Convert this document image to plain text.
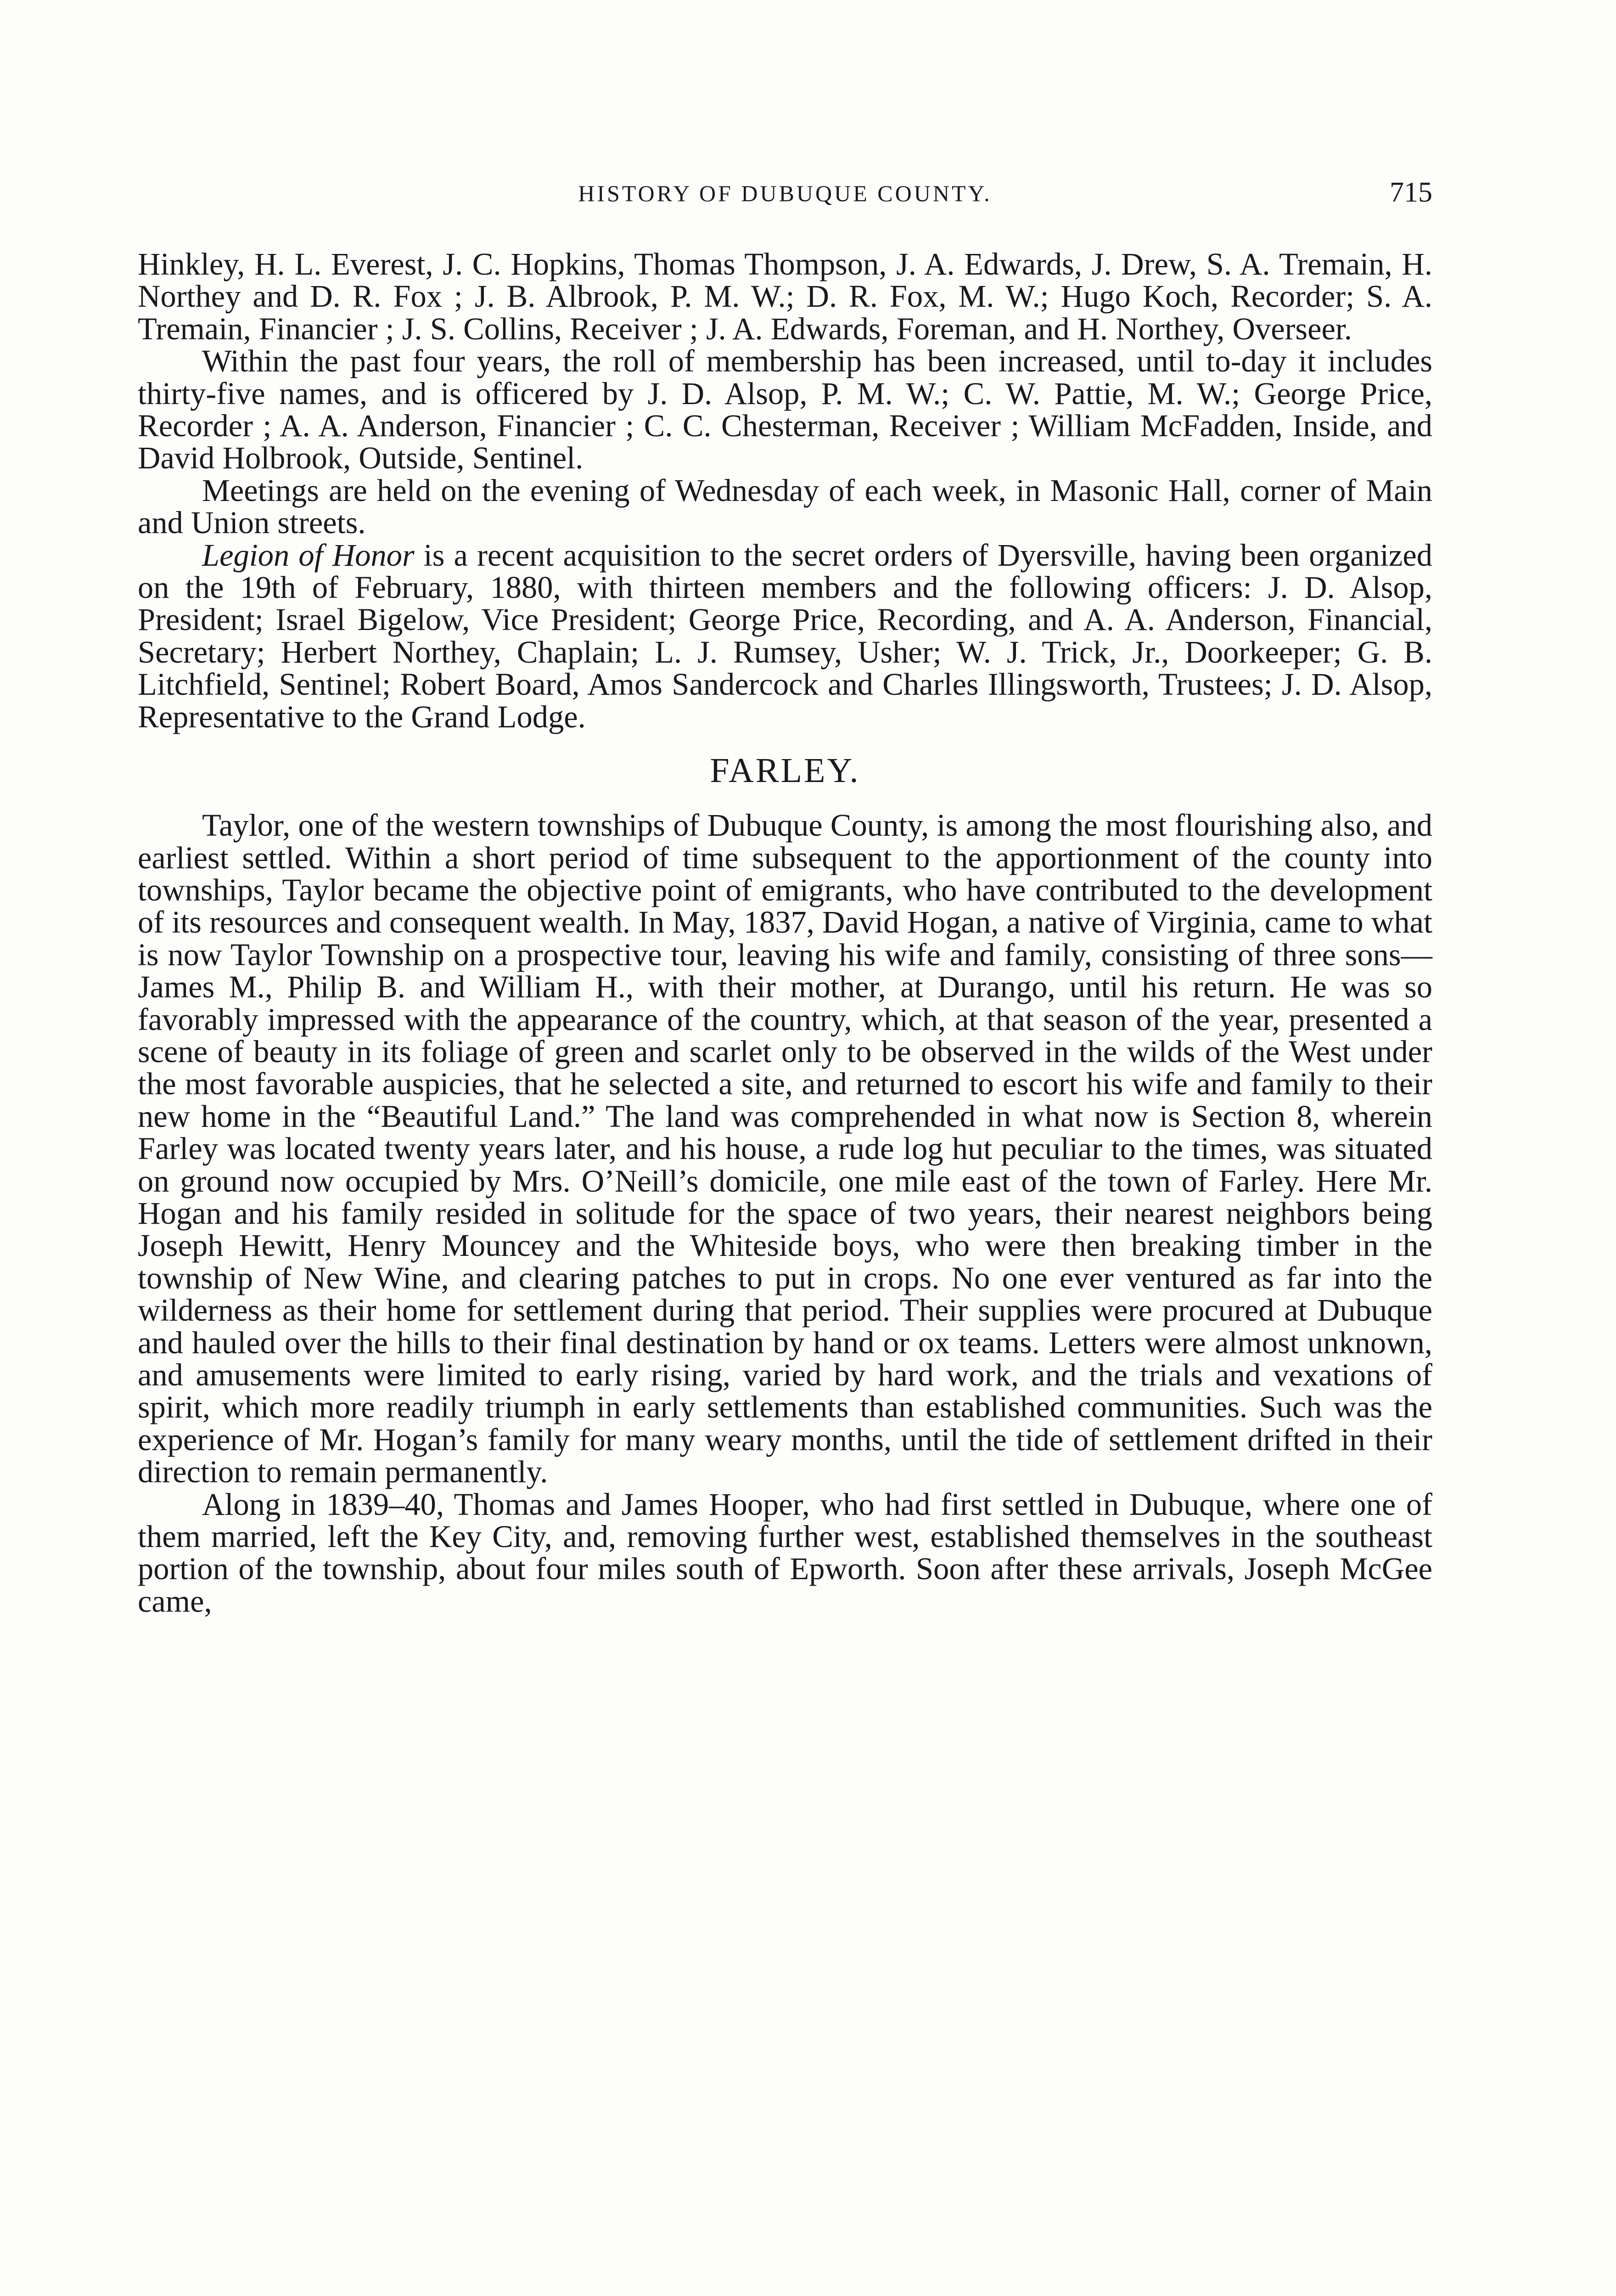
HISTORY OF DUBUQUE COUNTY.	715

Hinkley, H. L. Everest, J. C. Hopkins, Thomas Thompson, J. A. Edwards, J. Drew, S. A. Tremain, H. Northey and D. R. Fox ; J. B. Albrook, P. M. W.; D. R. Fox, M. W.; Hugo Koch, Recorder; S. A. Tremain, Financier ; J. S. Collins, Receiver ; J. A. Edwards, Foreman, and H. Northey, Overseer.

Within the past four years, the roll of membership has been increased, until to-day it includes thirty-five names, and is officered by J. D. Alsop, P. M. W.; C. W. Pattie, M. W.; George Price, Recorder ; A. A. Anderson, Financier ; C. C. Chesterman, Receiver ; William McFadden, Inside, and David Holbrook, Outside, Sentinel.

Meetings are held on the evening of Wednesday of each week, in Masonic Hall, corner of Main and Union streets.

Legion of Honor is a recent acquisition to the secret orders of Dyersville, having been organized on the 19th of February, 1880, with thirteen members and the following officers: J. D. Alsop, President; Israel Bigelow, Vice President; George Price, Recording, and A. A. Anderson, Financial, Secretary; Herbert Northey, Chaplain; L. J. Rumsey, Usher; W. J. Trick, Jr., Doorkeeper; G. B. Litchfield, Sentinel; Robert Board, Amos Sandercock and Charles Illingsworth, Trustees; J. D. Alsop, Representative to the Grand Lodge.

FARLEY.

Taylor, one of the western townships of Dubuque County, is among the most flourishing also, and earliest settled. Within a short period of time subsequent to the apportionment of the county into townships, Taylor became the objective point of emigrants, who have contributed to the development of its resources and consequent wealth. In May, 1837, David Hogan, a native of Virginia, came to what is now Taylor Township on a prospective tour, leaving his wife and family, consisting of three sons—James M., Philip B. and William H., with their mother, at Durango, until his return. He was so favorably impressed with the appearance of the country, which, at that season of the year, presented a scene of beauty in its foliage of green and scarlet only to be observed in the wilds of the West under the most favorable auspicies, that he selected a site, and returned to escort his wife and family to their new home in the “Beautiful Land.” The land was comprehended in what now is Section 8, wherein Farley was located twenty years later, and his house, a rude log hut peculiar to the times, was situated on ground now occupied by Mrs. O’Neill’s domicile, one mile east of the town of Farley. Here Mr. Hogan and his family resided in solitude for the space of two years, their nearest neighbors being Joseph Hewitt, Henry Mouncey and the Whiteside boys, who were then breaking timber in the township of New Wine, and clearing patches to put in crops. No one ever ventured as far into the wilderness as their home for settlement during that period. Their supplies were procured at Dubuque and hauled over the hills to their final destination by hand or ox teams. Letters were almost unknown, and amusements were limited to early rising, varied by hard work, and the trials and vexations of spirit, which more readily triumph in early settlements than established communities. Such was the experience of Mr. Hogan’s family for many weary months, until the tide of settlement drifted in their direction to remain permanently.

Along in 1839–40, Thomas and James Hooper, who had first settled in Dubuque, where one of them married, left the Key City, and, removing further west, established themselves in the southeast portion of the township, about four miles south of Epworth. Soon after these arrivals, Joseph McGee came,
